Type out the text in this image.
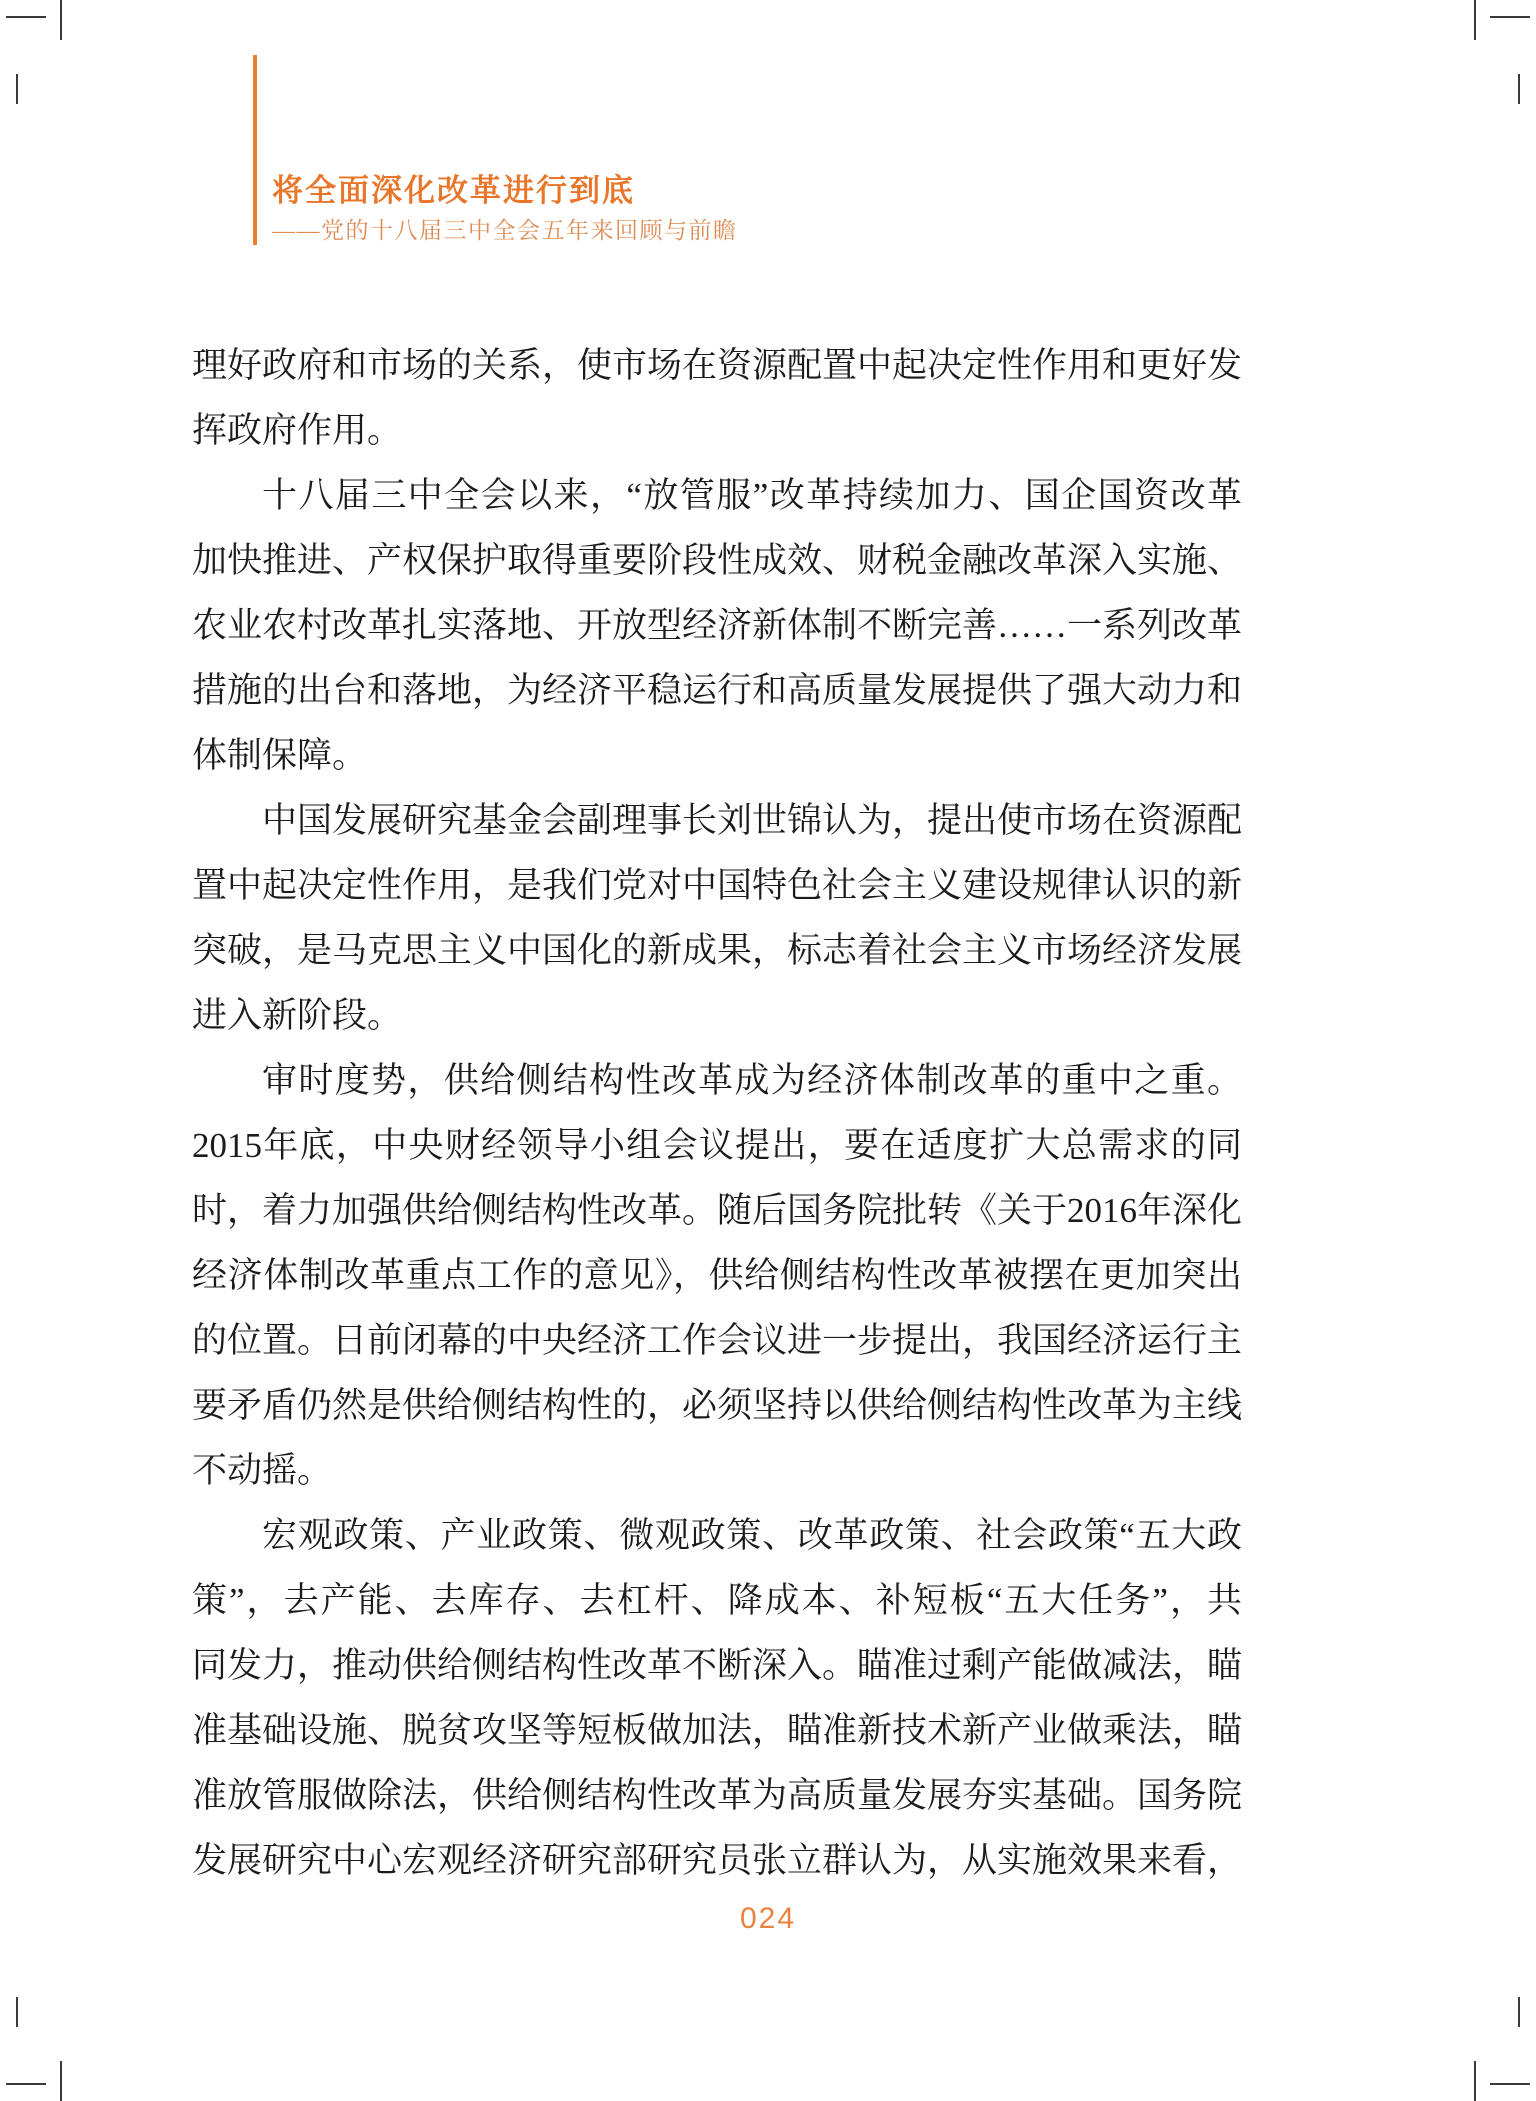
将全面深化改革进行到底
——党的十八届三中全会五年来回顾与前瞻
理好政府和市场的关系，使市场在资源配置中起决定性作用和更好发
挥政府作用。
十八届三中全会以来，“放管服”改革持续加力、国企国资改革
加快推进、产权保护取得重要阶段性成效、财税金融改革深入实施、
农业农村改革扎实落地、开放型经济新体制不断完善……一系列改革
措施的出台和落地，为经济平稳运行和高质量发展提供了强大动力和
体制保障。
中国发展研究基金会副理事长刘世锦认为，提出使市场在资源配
置中起决定性作用，是我们党对中国特色社会主义建设规律认识的新
突破，是马克思主义中国化的新成果，标志着社会主义市场经济发展
进入新阶段。
审时度势，供给侧结构性改革成为经济体制改革的重中之重。
2015年底，中央财经领导小组会议提出，要在适度扩大总需求的同
时，着力加强供给侧结构性改革。随后国务院批转《关于2016年深化
经济体制改革重点工作的意见》，供给侧结构性改革被摆在更加突出
的位置。日前闭幕的中央经济工作会议进一步提出，我国经济运行主
要矛盾仍然是供给侧结构性的，必须坚持以供给侧结构性改革为主线
不动摇。
宏观政策、产业政策、微观政策、改革政策、社会政策“五大政
策”，去产能、去库存、去杠杆、降成本、补短板“五大任务”，共
同发力，推动供给侧结构性改革不断深入。瞄准过剩产能做减法，瞄
准基础设施、脱贫攻坚等短板做加法，瞄准新技术新产业做乘法，瞄
准放管服做除法，供给侧结构性改革为高质量发展夯实基础。国务院
发展研究中心宏观经济研究部研究员张立群认为，从实施效果来看，
024
